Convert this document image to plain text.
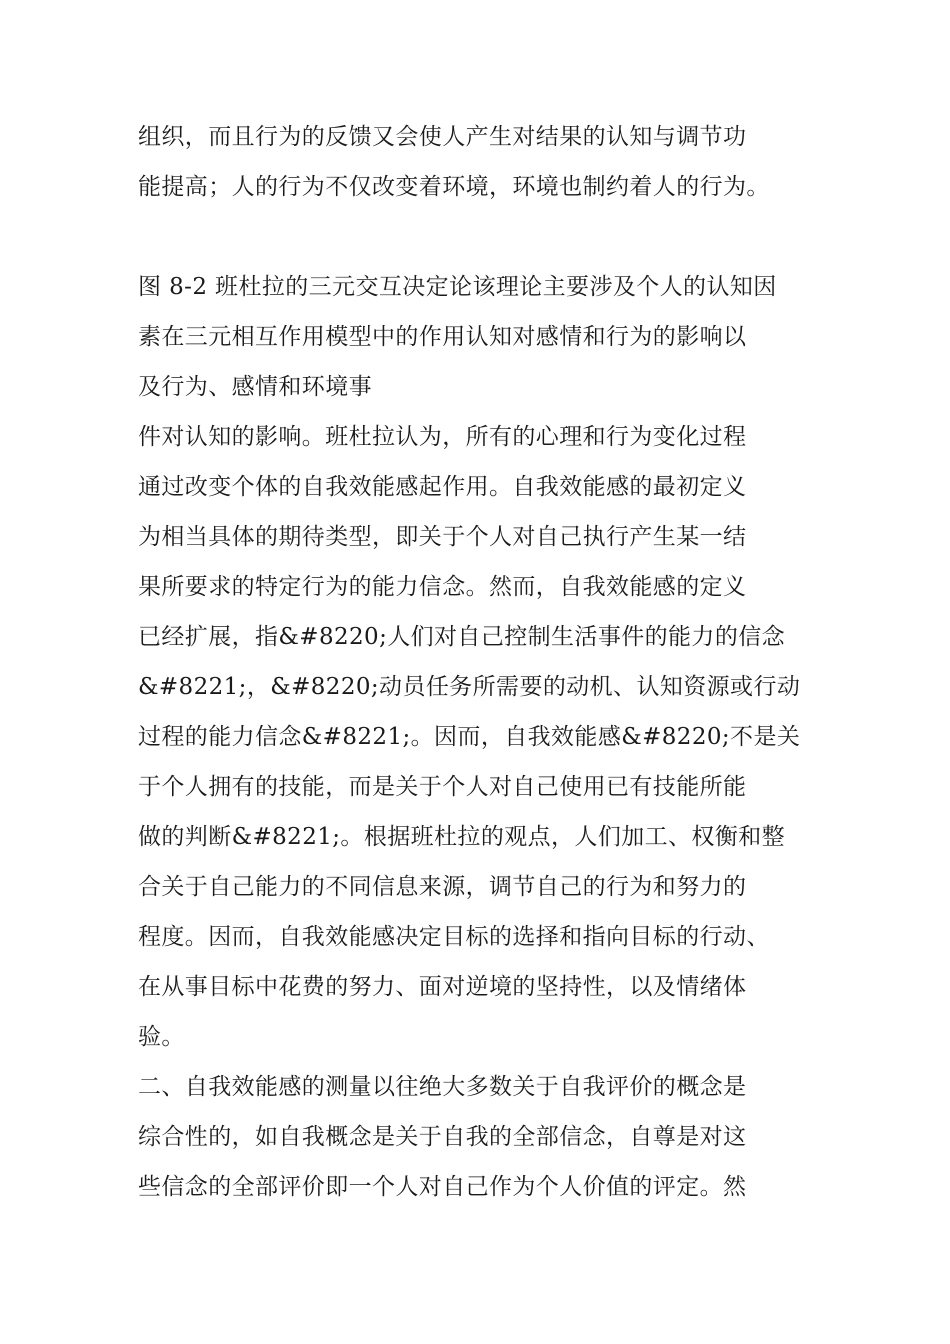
组织，而且行为的反馈又会使人产生对结果的认知与调节功
能提高；人的行为不仅改变着环境，环境也制约着人的行为。
图 8-2 班杜拉的三元交互决定论该理论主要涉及个人的认知因
素在三元相互作用模型中的作用认知对感情和行为的影响以
及行为、感情和环境事
件对认知的影响。班杜拉认为，所有的心理和行为变化过程
通过改变个体的自我效能感起作用。自我效能感的最初定义
为相当具体的期待类型，即关于个人对自己执行产生某一结
果所要求的特定行为的能力信念。然而，自我效能感的定义
已经扩展，指&#8220;人们对自己控制生活事件的能力的信念
&#8221;，&#8220;动员任务所需要的动机、认知资源或行动
过程的能力信念&#8221;。因而，自我效能感&#8220;不是关
于个人拥有的技能，而是关于个人对自己使用已有技能所能
做的判断&#8221;。根据班杜拉的观点，人们加工、权衡和整
合关于自己能力的不同信息来源，调节自己的行为和努力的
程度。因而，自我效能感决定目标的选择和指向目标的行动、
在从事目标中花费的努力、面对逆境的坚持性，以及情绪体
验。
二、自我效能感的测量以往绝大多数关于自我评价的概念是
综合性的，如自我概念是关于自我的全部信念，自尊是对这
些信念的全部评价即一个人对自己作为个人价值的评定。然
